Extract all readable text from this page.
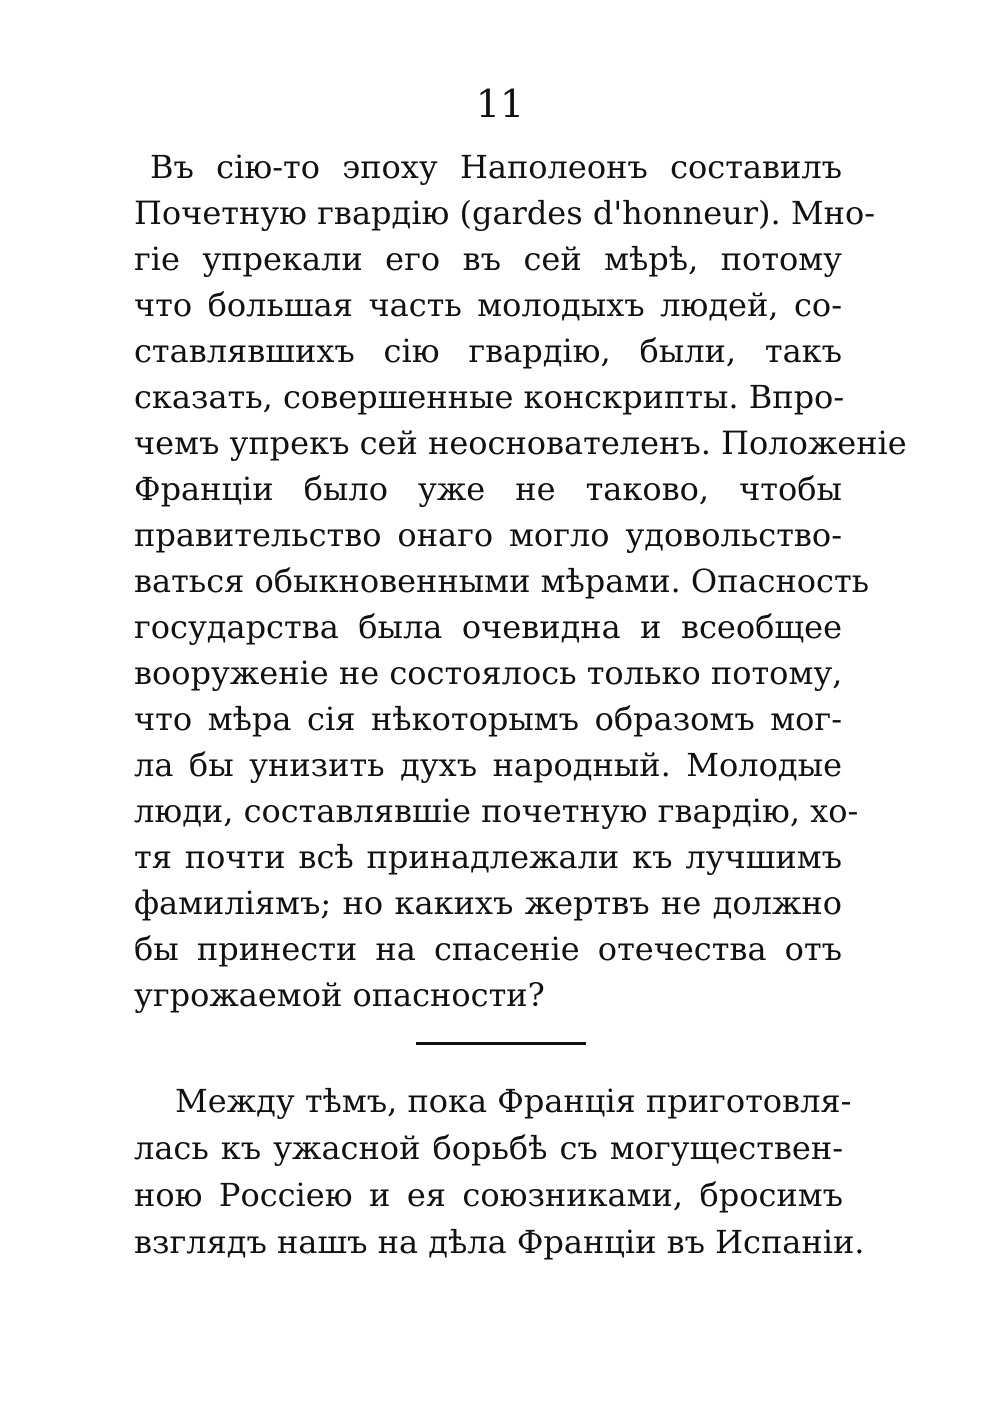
11
Въ сію-то эпоху Наполеонъ составилъ
Почетную гвардію (gardes d'honneur). Мно-
гіе упрекали его въ сей мѣрѣ, потому
что большая часть молодыхъ людей, со-
ставлявшихъ сію гвардію, были, такъ
сказать, совершенные конскрипты. Впро-
чемъ упрекъ сей неоснователенъ. Положеніе
Франціи было уже не таково, чтобы
правительство онаго могло удовольство-
ваться обыкновенными мѣрами. Опасность
государства была очевидна и всеобщее
вооруженіе не состоялось только потому,
что мѣра сія нѣкоторымъ образомъ мог-
ла бы унизить духъ народный. Молодые
люди, составлявшіе почетную гвардію, хо-
тя почти всѣ принадлежали къ лучшимъ
фамиліямъ; но какихъ жертвъ не должно
бы принести на спасеніе отечества отъ
угрожаемой опасности?
Между тѣмъ, пока Франція приготовля-
лась къ ужасной борьбѣ съ могуществен-
ною Россіею и ея союзниками, бросимъ
взглядъ нашъ на дѣла Франціи въ Испаніи.
